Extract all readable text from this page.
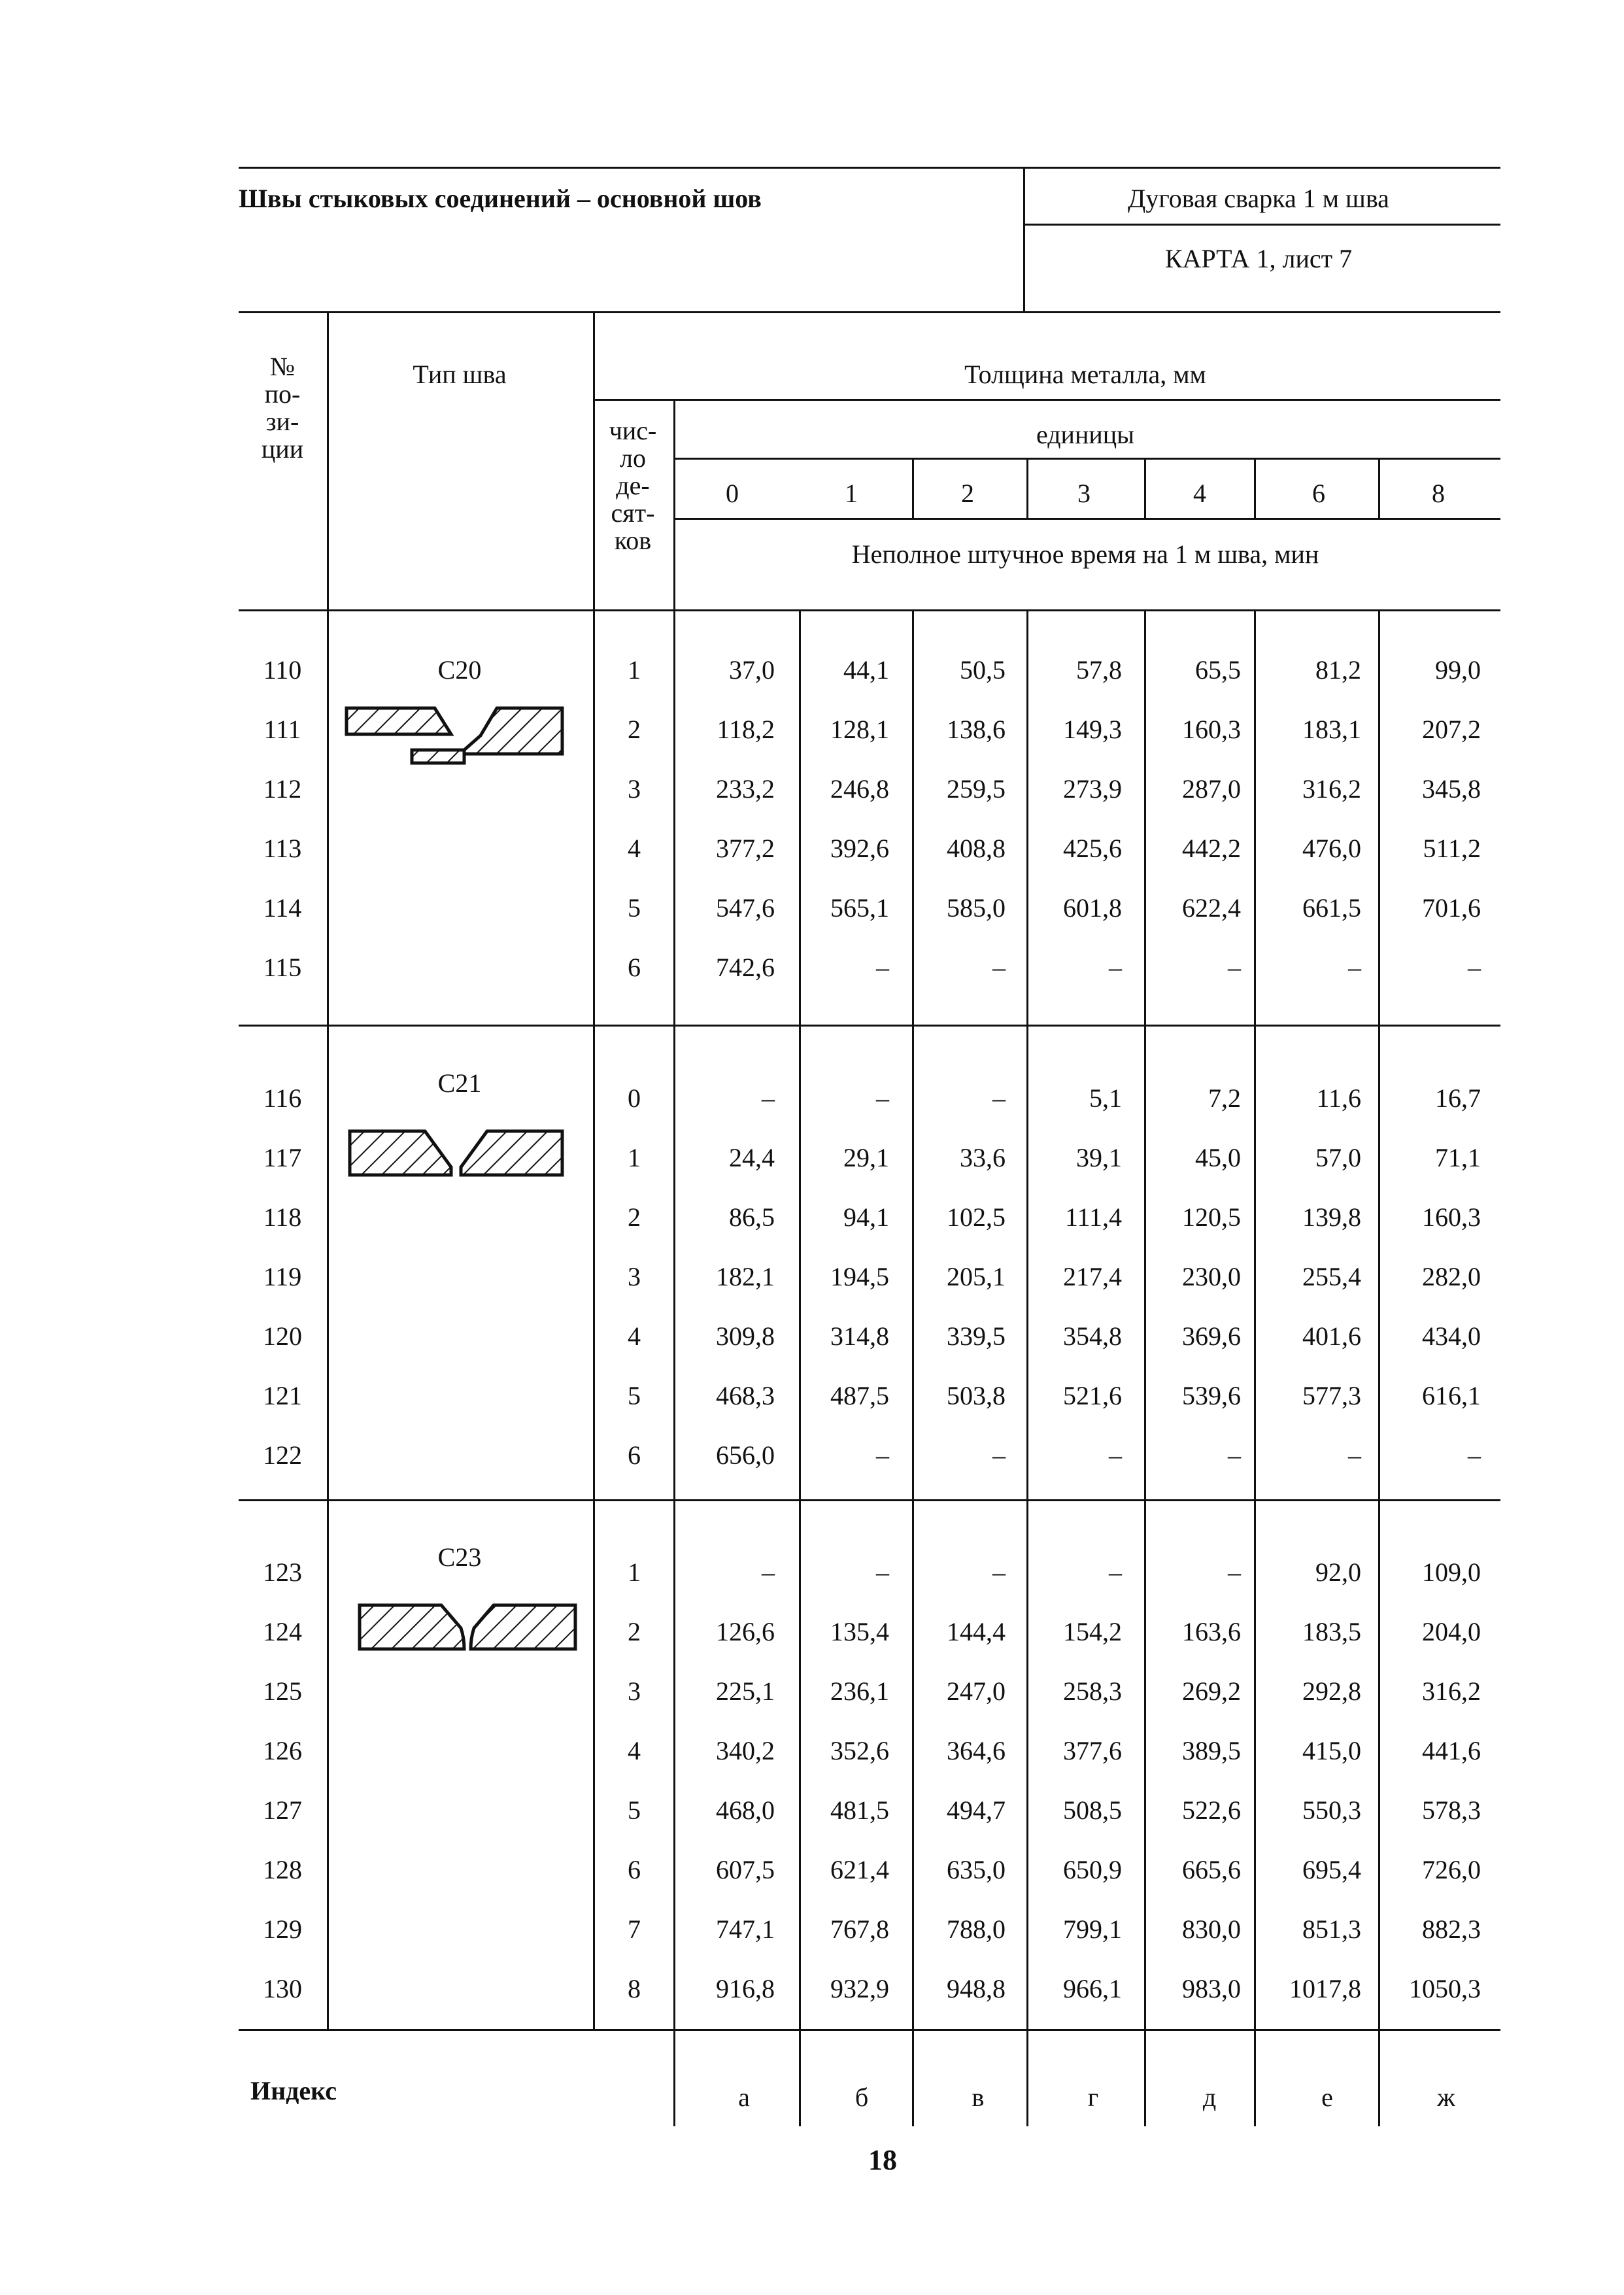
Швы стыковых соединений – основной шов	Дуговая сварка 1 м шва
КАРТА 1, лист 7
№
по-
зи-
ции
Тип шва	Толщина металла, мм
чис-
ло
де-
сят-
ков
единицы
Неполное штучное время на 1 м шва, мин
0	1	2	3	4	6	8
С20
С21
С23
110	1	37,0	44,1	50,5	57,8	65,5	81,2	99,0
111	2	118,2 128,1 138,6 149,3 160,3 183,1 207,2
112	3	233,2 246,8 259,5 273,9 287,0 316,2 345,8
113	4	377,2 392,6 408,8 425,6 442,2 476,0 511,2
114	5	547,6 565,1 585,0 601,8 622,4 661,5 701,6
115	6	742,6	–	–	–	–	–	–
116	0	–	–	–	5,1	7,2	11,6	16,7
117	1	24,4	29,1	33,6	39,1	45,0	57,0	71,1
118	2	86,5	94,1 102,5 111,4 120,5 139,8 160,3
119	3	182,1 194,5 205,1 217,4 230,0 255,4 282,0
120	4	309,8 314,8 339,5 354,8 369,6 401,6 434,0
121	5	468,3 487,5 503,8 521,6 539,6 577,3 616,1
122	6	656,0	–	–	–	–	–	–
123	1	–	–	–	–	–	92,0 109,0
124	2	126,6 135,4 144,4 154,2 163,6 183,5 204,0
125	3	225,1 236,1 247,0 258,3 269,2 292,8 316,2
126	4	340,2 352,6 364,6 377,6 389,5 415,0 441,6
127	5	468,0 481,5 494,7 508,5 522,6 550,3 578,3
128	6	607,5 621,4 635,0 650,9 665,6 695,4 726,0
129	7	747,1 767,8 788,0 799,1 830,0 851,3 882,3
130	8	916,8 932,9 948,8 966,1 983,0 1017,8 1050,3
Индекс	а	б	в	г	д	е	ж
18
